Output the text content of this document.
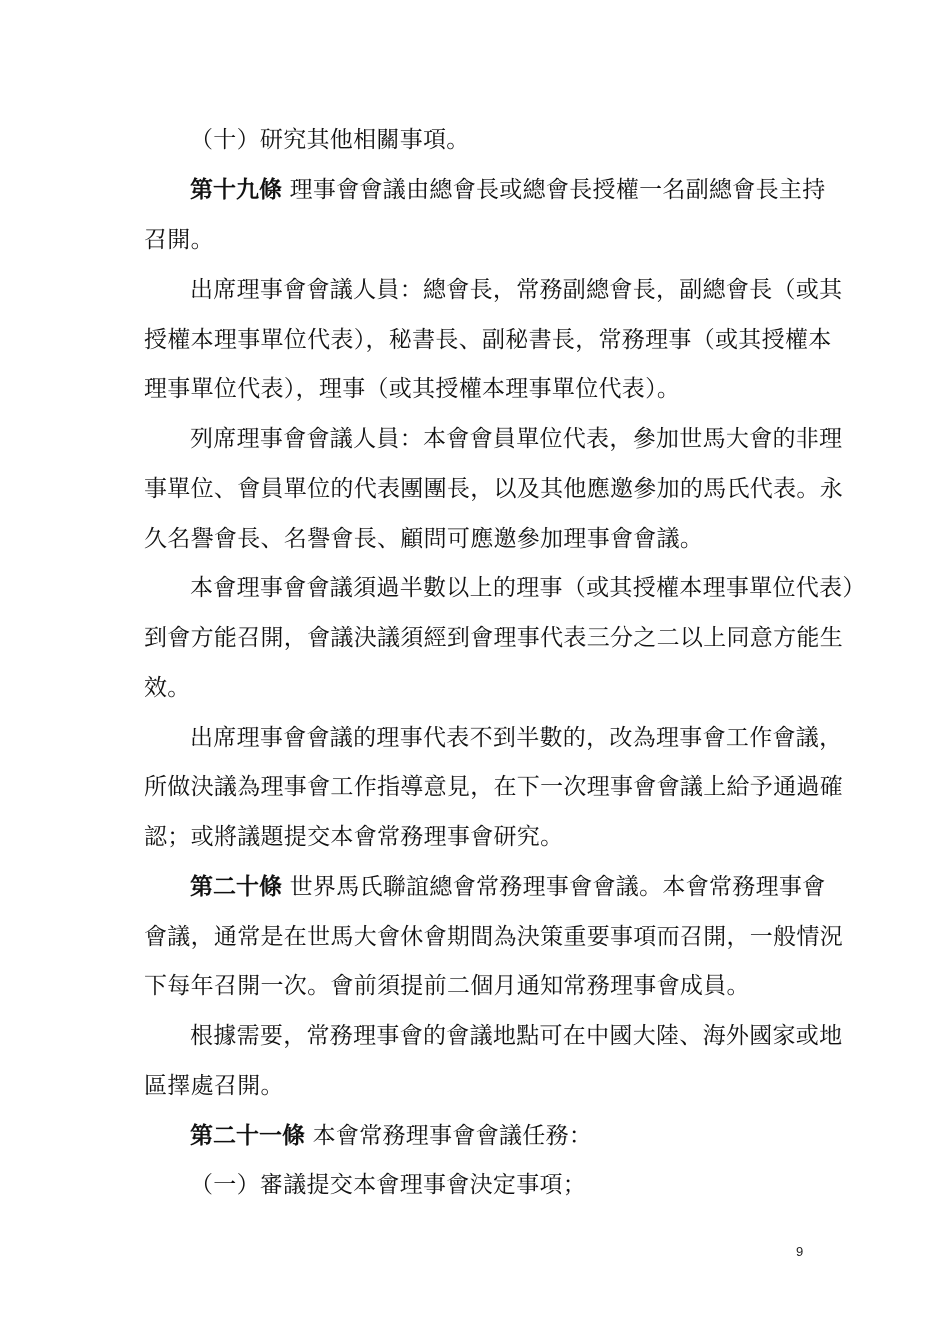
（十）研究其他相關事項。
第十九條 理事會會議由總會長或總會長授權一名副總會長主持
召開。
出席理事會會議人員：總會長，常務副總會長，副總會長（或其
授權本理事單位代表），秘書長、副秘書長，常務理事（或其授權本
理事單位代表），理事（或其授權本理事單位代表）。
列席理事會會議人員：本會會員單位代表，參加世馬大會的非理
事單位、會員單位的代表團團長，以及其他應邀參加的馬氏代表。永
久名譽會長、名譽會長、顧問可應邀參加理事會會議。
本會理事會會議須過半數以上的理事（或其授權本理事單位代表）
到會方能召開，會議決議須經到會理事代表三分之二以上同意方能生
效。
出席理事會會議的理事代表不到半數的，改為理事會工作會議，
所做決議為理事會工作指導意見，在下一次理事會會議上給予通過確
認；或將議題提交本會常務理事會研究。
第二十條 世界馬氏聯誼總會常務理事會會議。本會常務理事會
會議，通常是在世馬大會休會期間為決策重要事項而召開，一般情況
下每年召開一次。會前須提前二個月通知常務理事會成員。
根據需要，常務理事會的會議地點可在中國大陸、海外國家或地
區擇處召開。
第二十一條 本會常務理事會會議任務：
（一）審議提交本會理事會決定事項；
9
